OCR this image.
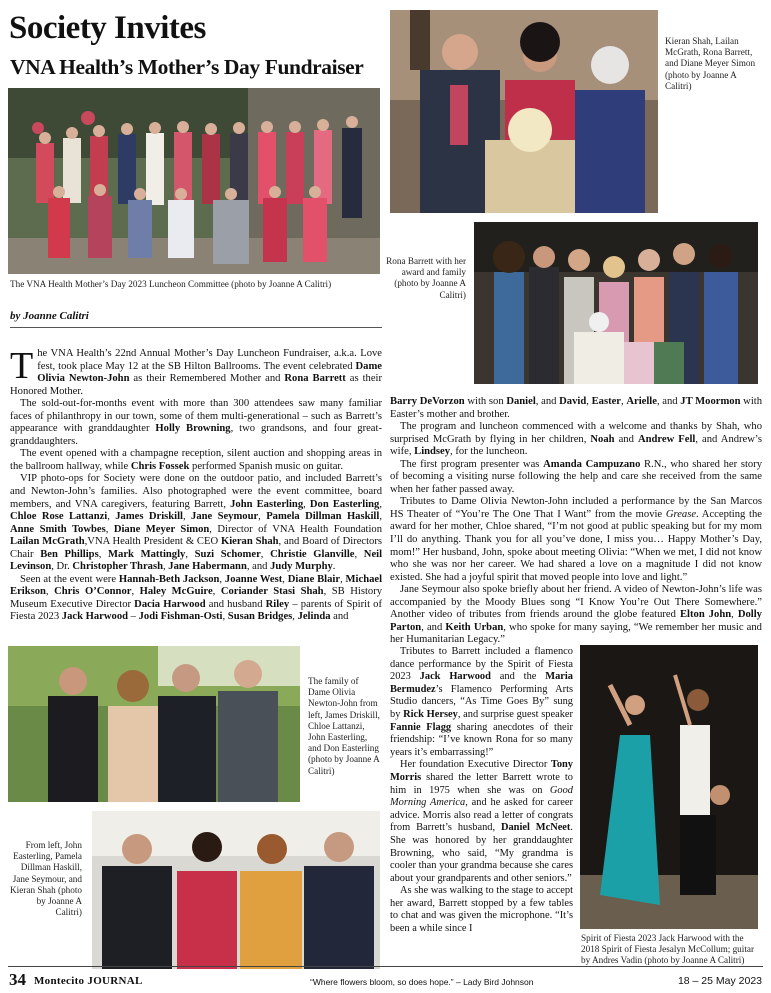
Society Invites
VNA Health’s Mother’s Day Fundraiser
The VNA Health Mother’s Day 2023 Luncheon Committee (photo by Joanne A Calitri)
by Joanne Calitri
Kieran Shah, Lailan McGrath, Rona Barrett, and Diane Meyer Simon (photo by Joanne A Calitri)
Rona Barrett with her award and family (photo by Joanne A Calitri)
The family of Dame Olivia Newton-John from left, James Driskill, Chloe Lattanzi, John Easterling, and Don Easterling (photo by Joanne A Calitri)
From left, John Easterling, Pamela Dillman Haskill, Jane Seymour, and Kieran Shah (photo by Joanne A Calitri)
Spirit of Fiesta 2023 Jack Harwood with the 2018 Spirit of Fiesta Jesalyn McCollum; guitar by Andres Vadin (photo by Joanne A Calitri)

The VNA Health’s 22nd Annual Mother’s Day Luncheon Fundraiser, a.k.a. Love fest, took place May 12 at the SB Hilton Ballrooms. The event celebrated Dame Olivia Newton-John as their Remembered Mother and Rona Barrett as their Honored Mother.

The sold-out-for-months event with more than 300 attendees saw many familiar faces of philanthropy in our town, some of them multi-generational – such as Barrett’s appearance with granddaughter Holly Browning, two grandsons, and four great-granddaughters.

The event opened with a champagne reception, silent auction and shopping areas in the ballroom hallway, while Chris Fossek performed Spanish music on guitar.

VIP photo-ops for Society were done on the outdoor patio, and included Barrett’s and Newton-John’s families. Also photographed were the event committee, board members, and VNA caregivers, featuring Barrett, John Easterling, Don Easterling, Chloe Rose Lattanzi, James Driskill, Jane Seymour, Pamela Dillman Haskill, Anne Smith Towbes, Diane Meyer Simon, Director of VNA Health Foundation Lailan McGrath,VNA Health President & CEO Kieran Shah, and Board of Directors Chair Ben Phillips, Mark Mattingly, Suzi Schomer, Christie Glanville, Neil Levinson, Dr. Christopher Thrash, Jane Habermann, and Judy Murphy.

Seen at the event were Hannah-Beth Jackson, Joanne West, Diane Blair, Michael Erikson, Chris O’Connor, Haley McGuire, Coriander Stasi Shah, SB History Museum Executive Director Dacia Harwood and husband Riley – parents of Spirit of Fiesta 2023 Jack Harwood – Jodi Fishman-Osti, Susan Bridges, Jelinda and

Barry DeVorzon with son Daniel, and David, Easter, Arielle, and JT Moormon with Easter’s mother and brother.

The program and luncheon commenced with a welcome and thanks by Shah, who surprised McGrath by flying in her children, Noah and Andrew Fell, and Andrew’s wife, Lindsey, for the luncheon.

The first program presenter was Amanda Campuzano R.N., who shared her story of becoming a visiting nurse following the help and care she received from the same when her father passed away.

Tributes to Dame Olivia Newton-John included a performance by the San Marcos HS Theater of “You’re The One That I Want” from the movie Grease. Accepting the award for her mother, Chloe shared, “I’m not good at public speaking but for my mom I’ll do anything. Thank you for all you’ve done, I miss you… Happy Mother’s Day, mom!” Her husband, John, spoke about meeting Olivia: “When we met, I did not know who she was nor her career. We had shared a love on a magnitude I did not know existed. She had a joyful spirit that moved people into love and light.”

Jane Seymour also spoke briefly about her friend. A video of Newton-John’s life was accompanied by the Moody Blues song “I Know You’re Out There Somewhere.” Another video of tributes from friends around the globe featured Elton John, Dolly Parton, and Keith Urban, who spoke for many saying, “We remember her music and her Humanitarian Legacy.”

Tributes to Barrett included a flamenco dance performance by the Spirit of Fiesta 2023 Jack Harwood and the Maria Bermudez’s Flamenco Performing Arts Studio dancers, “As Time Goes By” sung by Rick Hersey, and surprise guest speaker Fannie Flagg sharing anecdotes of their friendship: “I’ve known Rona for so many years it’s embarrassing!”

Her foundation Executive Director Tony Morris shared the letter Barrett wrote to him in 1975 when she was on Good Morning America, and he asked for career advice. Morris also read a letter of congrats from Barrett’s husband, Daniel McNeet. She was honored by her granddaughter Browning, who said, “My grandma is cooler than your grandma because she cares about your grandparents and other seniors.”

As she was walking to the stage to accept her award, Barrett stopped by a few tables to chat and was given the microphone. “It’s been a while since I

34 Montecito JOURNAL	“Where flowers bloom, so does hope.” – Lady Bird Johnson	18 – 25 May 2023
